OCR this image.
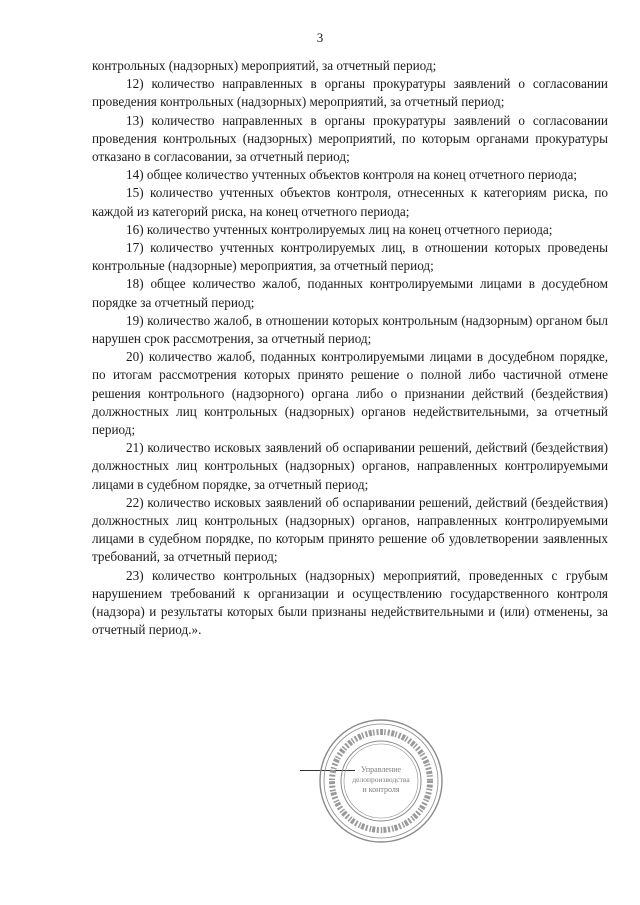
3

контрольных (надзорных) мероприятий, за отчетный период;

12) количество направленных в органы прокуратуры заявлений о согласовании проведения контрольных (надзорных) мероприятий, за отчетный период;

13) количество направленных в органы прокуратуры заявлений о согласовании проведения контрольных (надзорных) мероприятий, по которым органами прокуратуры отказано в согласовании, за отчетный период;

14) общее количество учтенных объектов контроля на конец отчетного периода;

15) количество учтенных объектов контроля, отнесенных к категориям риска, по каждой из категорий риска, на конец отчетного периода;

16) количество учтенных контролируемых лиц на конец отчетного периода;

17) количество учтенных контролируемых лиц, в отношении которых проведены контрольные (надзорные) мероприятия, за отчетный период;

18) общее количество жалоб, поданных контролируемыми лицами в досудебном порядке за отчетный период;

19) количество жалоб, в отношении которых контрольным (надзорным) органом был нарушен срок рассмотрения, за отчетный период;

20) количество жалоб, поданных контролируемыми лицами в досудебном порядке, по итогам рассмотрения которых принято решение о полной либо частичной отмене решения контрольного (надзорного) органа либо о признании действий (бездействия) должностных лиц контрольных (надзорных) органов недействительными, за отчетный период;

21) количество исковых заявлений об оспаривании решений, действий (бездействия) должностных лиц контрольных (надзорных) органов, направленных контролируемыми лицами в судебном порядке, за отчетный период;

22) количество исковых заявлений об оспаривании решений, действий (бездействия) должностных лиц контрольных (надзорных) органов, направленных контролируемыми лицами в судебном порядке, по которым принято решение об удовлетворении заявленных требований, за отчетный период;

23) количество контрольных (надзорных) мероприятий, проведенных с грубым нарушением требований к организации и осуществлению государственного контроля (надзора) и результаты которых были признаны недействительными и (или) отменены, за отчетный период.».

Управление
делопроизводства
и контроля
